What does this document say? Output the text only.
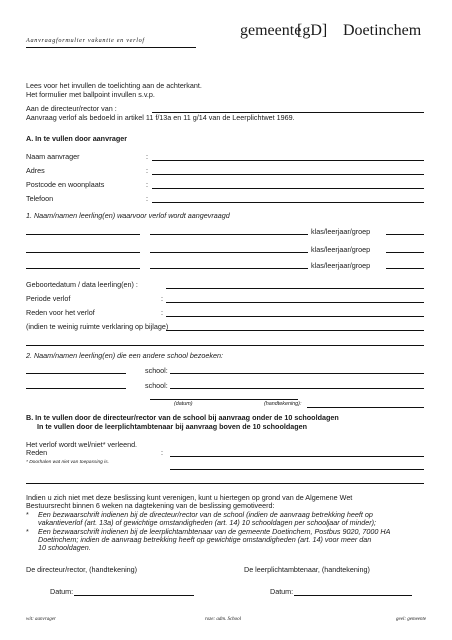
Aanvraagformulier vakantie en verlof
gemeente
[gD] Doetinchem
Lees voor het invullen de toelichting aan de achterkant.
Het formulier met ballpoint invullen s.v.p.
Aan de directeur/rector van :
Aanvraag verlof als bedoeld in artikel 11 f/13a en 11 g/14 van de Leerplichtwet 1969.
A. In te vullen door aanvrager
Naam aanvrager	:
Adres	:
Postcode en woonplaats	:
Telefoon	:
1. Naam/namen leerling(en) waarvoor verlof wordt aangevraagd
klas/leerjaar/groep
klas/leerjaar/groep
klas/leerjaar/groep
Geboortedatum / data leerling(en) :
Periode verlof	:
Reden voor het verlof	:
(indien te weinig ruimte verklaring op bijlage)
2. Naam/namen leerling(en) die een andere school bezoeken:
school:
school:
(datum)	(handtekening):
B. In te vullen door de directeur/rector van de school bij aanvraag onder de 10 schooldagen
In te vullen door de leerplichtambtenaar bij aanvraag boven de 10 schooldagen
Het verlof wordt wel/niet* verleend.
Reden	:
* Doorhalen wat niet van toepassing is.
Indien u zich niet met deze beslissing kunt verenigen, kunt u hiertegen op grond van de Algemene Wet
Bestuursrecht binnen 6 weken na dagtekening van de beslissing gemotiveerd:
* Een bezwaarschrift indienen bij de directeur/rector van de school (indien de aanvraag betrekking heeft op
vakantieverlof (art. 13a) of gewichtige omstandigheden (art. 14) 10 schooldagen per schooljaar of minder);
* Een bezwaarschrift indienen bij de leerplichtambtenaar van de gemeente Doetinchem, Postbus 9020, 7000 HA
Doetinchem; indien de aanvraag betrekking heeft op gewichtige omstandigheden (art. 14) voor meer dan
10 schooldagen.
De directeur/rector, (handtekening)	De leerplichtambtenaar, (handtekening)
Datum:	Datum:
wit: aanvrager	roze: adm. School	geel: gemeente
